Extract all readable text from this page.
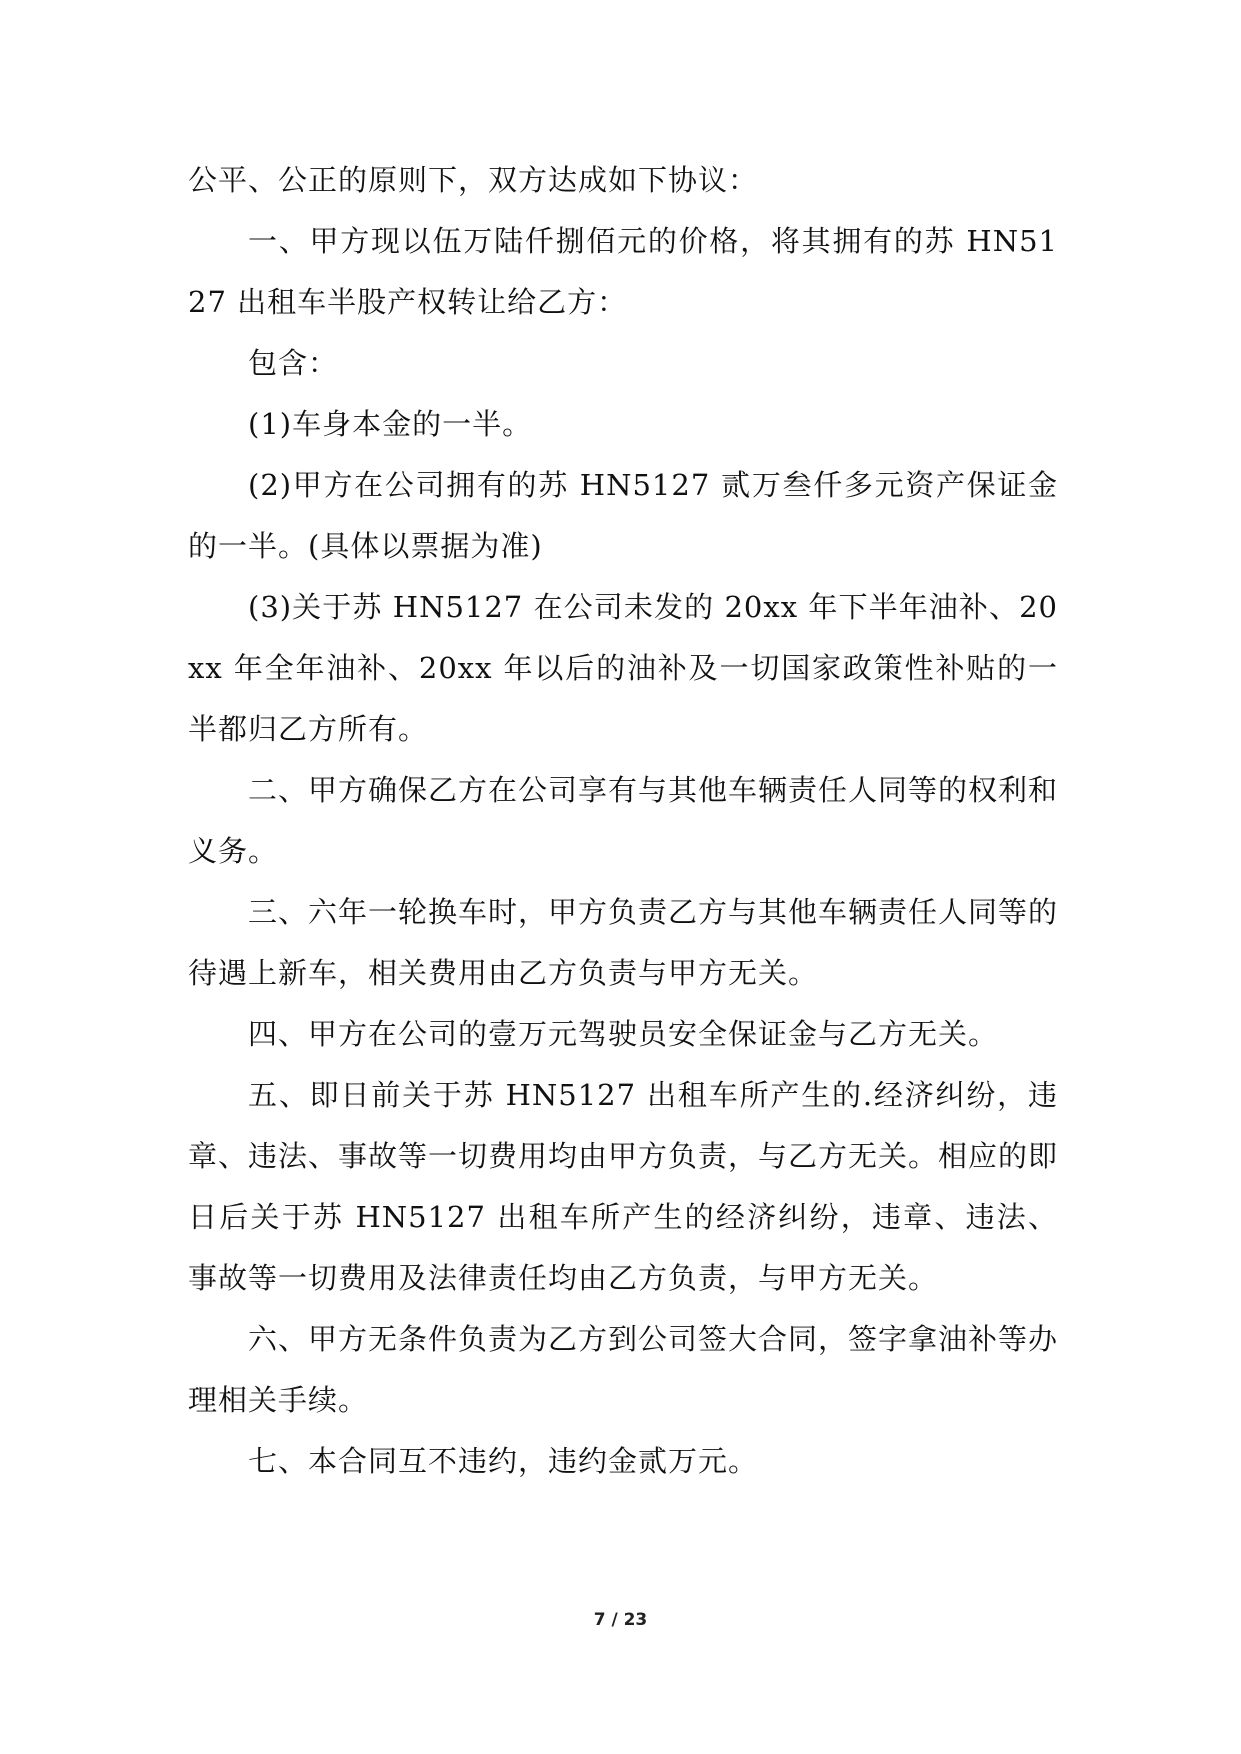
公平、公正的原则下，双方达成如下协议：

一、甲方现以伍万陆仟捌佰元的价格，将其拥有的苏 HN5127 出租车半股产权转让给乙方：

包含：

(1)车身本金的一半。

(2)甲方在公司拥有的苏 HN5127 贰万叁仟多元资产保证金的一半。(具体以票据为准)

(3)关于苏 HN5127 在公司未发的 20xx 年下半年油补、20xx 年全年油补、20xx 年以后的油补及一切国家政策性补贴的一半都归乙方所有。

二、甲方确保乙方在公司享有与其他车辆责任人同等的权利和义务。

三、六年一轮换车时，甲方负责乙方与其他车辆责任人同等的待遇上新车，相关费用由乙方负责与甲方无关。

四、甲方在公司的壹万元驾驶员安全保证金与乙方无关。

五、即日前关于苏 HN5127 出租车所产生的.经济纠纷，违章、违法、事故等一切费用均由甲方负责，与乙方无关。相应的即日后关于苏 HN5127 出租车所产生的经济纠纷，违章、违法、事故等一切费用及法律责任均由乙方负责，与甲方无关。

六、甲方无条件负责为乙方到公司签大合同，签字拿油补等办理相关手续。

七、本合同互不违约，违约金贰万元。

7 / 23
